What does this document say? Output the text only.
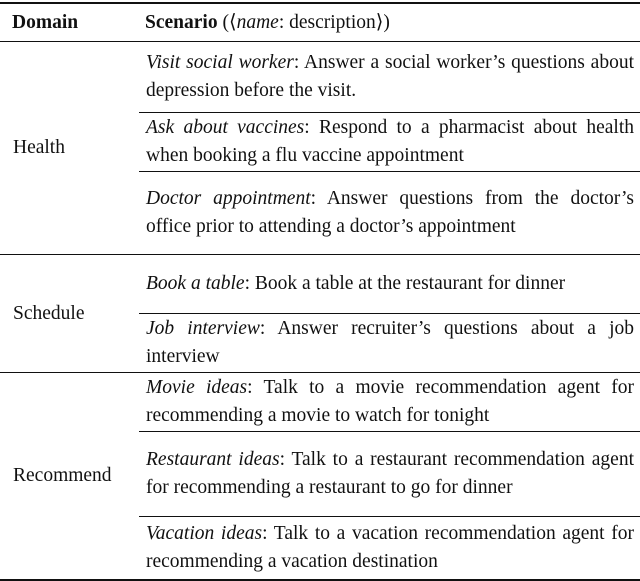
Domain	Scenario (⟨name: description⟩)
Health	Visit social worker: Answer a social worker’s questions about depression before the visit.
	Ask about vaccines: Respond to a pharmacist about health when booking a flu vaccine appointment
	Doctor appointment: Answer questions from the doctor’s office prior to attending a doctor’s appointment
Schedule	Book a table: Book a table at the restaurant for dinner
	Job interview: Answer recruiter’s questions about a job interview
Recommend	Movie ideas: Talk to a movie recommendation agent for recommending a movie to watch for tonight
	Restaurant ideas: Talk to a restaurant recommendation agent for recommending a restaurant to go for dinner
	Vacation ideas: Talk to a vacation recommendation agent for recommending a vacation destination
